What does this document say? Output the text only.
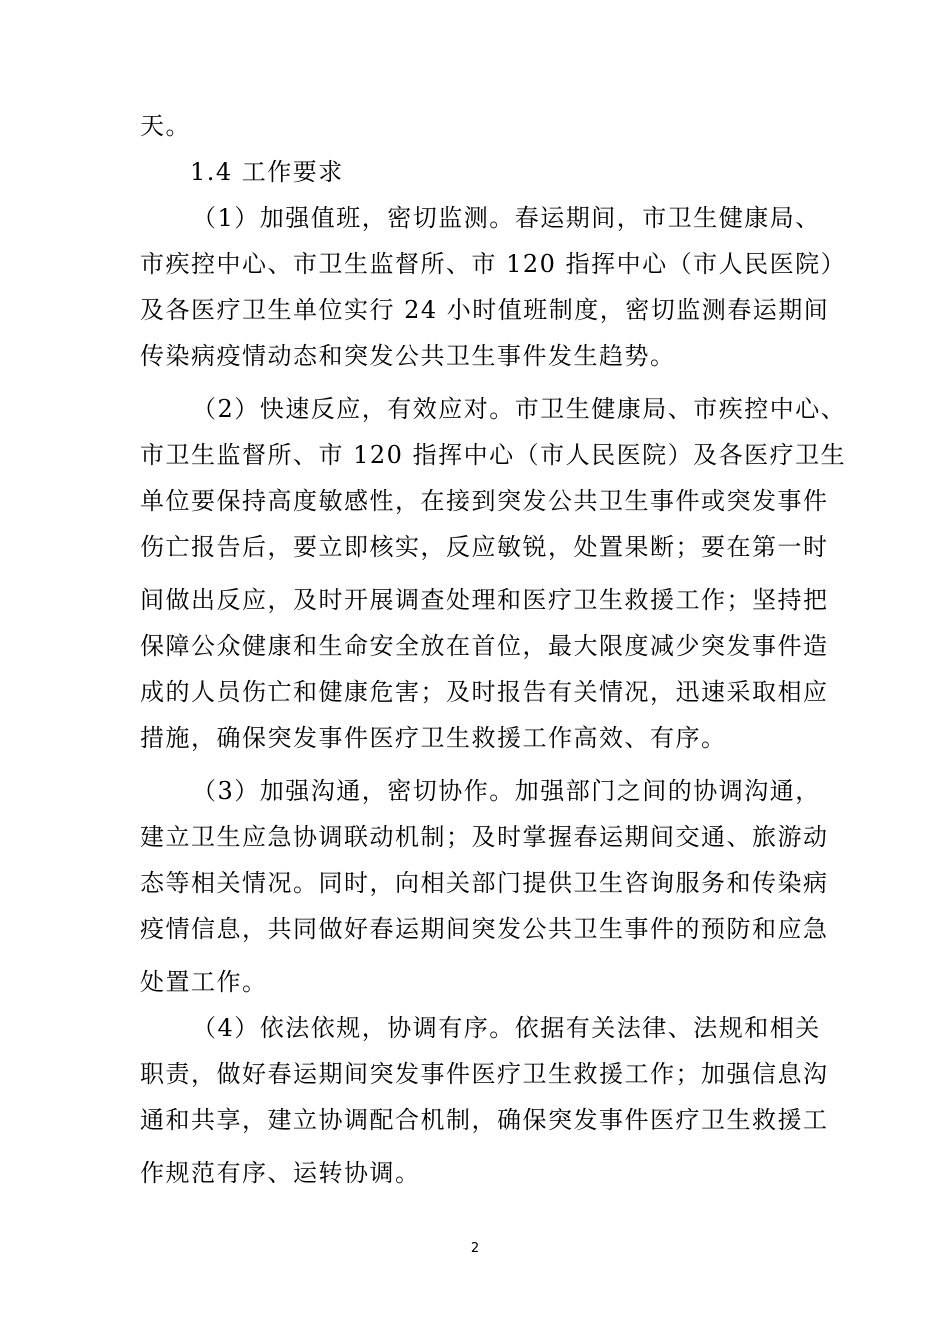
天。
1.4 工作要求
（1）加强值班，密切监测。春运期间，市卫生健康局、
市疾控中心、市卫生监督所、市 120 指挥中心（市人民医院）
及各医疗卫生单位实行 24 小时值班制度，密切监测春运期间
传染病疫情动态和突发公共卫生事件发生趋势。
（2）快速反应，有效应对。市卫生健康局、市疾控中心、
市卫生监督所、市 120 指挥中心（市人民医院）及各医疗卫生
单位要保持高度敏感性，在接到突发公共卫生事件或突发事件
伤亡报告后，要立即核实，反应敏锐，处置果断；要在第一时
间做出反应，及时开展调查处理和医疗卫生救援工作；坚持把
保障公众健康和生命安全放在首位，最大限度减少突发事件造
成的人员伤亡和健康危害；及时报告有关情况，迅速采取相应
措施，确保突发事件医疗卫生救援工作高效、有序。
（3）加强沟通，密切协作。加强部门之间的协调沟通，
建立卫生应急协调联动机制；及时掌握春运期间交通、旅游动
态等相关情况。同时，向相关部门提供卫生咨询服务和传染病
疫情信息，共同做好春运期间突发公共卫生事件的预防和应急
处置工作。
（4）依法依规，协调有序。依据有关法律、法规和相关
职责，做好春运期间突发事件医疗卫生救援工作；加强信息沟
通和共享，建立协调配合机制，确保突发事件医疗卫生救援工
作规范有序、运转协调。
2
